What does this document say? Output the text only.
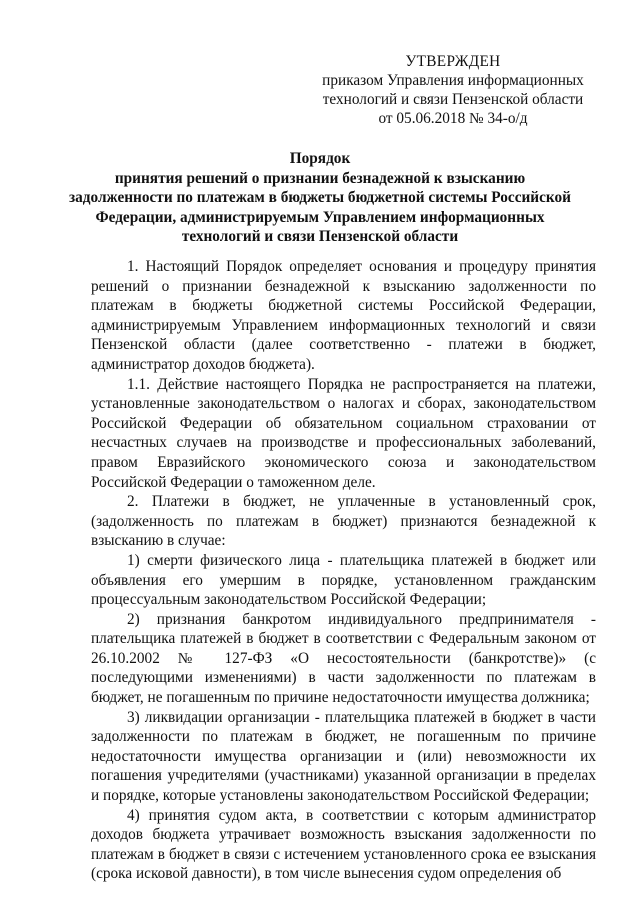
УТВЕРЖДЕН
приказом Управления информационных
технологий и связи Пензенской области
от 05.06.2018 № 34-о/д
Порядок
принятия решений о признании безнадежной к взысканию
задолженности по платежам в бюджеты бюджетной системы Российской
Федерации, администрируемым Управлением информационных
технологий и связи Пензенской области

1. Настоящий Порядок определяет основания и процедуру принятия решений о признании безнадежной к взысканию задолженности по платежам в бюджеты бюджетной системы Российской Федерации, администрируемым Управлением информационных технологий и связи Пензенской области (далее соответственно - платежи в бюджет, администратор доходов бюджета).

1.1. Действие настоящего Порядка не распространяется на платежи, установленные законодательством о налогах и сборах, законодательством Российской Федерации об обязательном социальном страховании от несчастных случаев на производстве и профессиональных заболеваний, правом Евразийского экономического союза и законодательством Российской Федерации о таможенном деле.

2. Платежи в бюджет, не уплаченные в установленный срок, (задолженность по платежам в бюджет) признаются безнадежной к взысканию в случае:

1) смерти физического лица - плательщика платежей в бюджет или объявления его умершим в порядке, установленном гражданским процессуальным законодательством Российской Федерации;

2) признания банкротом индивидуального предпринимателя - плательщика платежей в бюджет в соответствии с Федеральным законом от 26.10.2002 № 127-ФЗ «О несостоятельности (банкротстве)» (с последующими изменениями) в части задолженности по платежам в бюджет, не погашенным по причине недостаточности имущества должника;

3) ликвидации организации - плательщика платежей в бюджет в части задолженности по платежам в бюджет, не погашенным по причине недостаточности имущества организации и (или) невозможности их погашения учредителями (участниками) указанной организации в пределах и порядке, которые установлены законодательством Российской Федерации;

4) принятия судом акта, в соответствии с которым администратор доходов бюджета утрачивает возможность взыскания задолженности по платежам в бюджет в связи с истечением установленного срока ее взыскания (срока исковой давности), в том числе вынесения судом определения об
